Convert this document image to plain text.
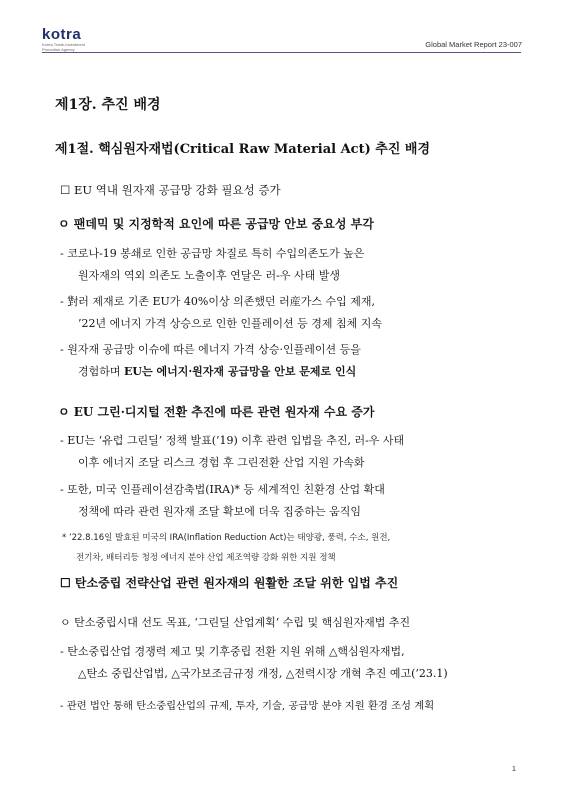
kotra
Korea Trade-Investment
Promotion Agency
Global Market Report 23-007
제1장. 추진 배경
제1절. 핵심원자재법(Critical Raw Material Act) 추진 배경
☐ EU 역내 원자재 공급망 강화 필요성 증가
ㅇ 팬데믹 및 지정학적 요인에 따른 공급망 안보 중요성 부각
- 코로나-19 봉쇄로 인한 공급망 차질로 특히 수입의존도가 높은
원자재의 역외 의존도 노출이후 연달은 러-우 사태 발생
- 對러 제재로 기존 EU가 40%이상 의존했던 러産가스 수입 제재,
’22년 에너지 가격 상승으로 인한 인플레이션 등 경제 침체 지속
- 원자재 공급망 이슈에 따른 에너지 가격 상승·인플레이션 등을
경험하며 EU는 에너지·원자재 공급망을 안보 문제로 인식
ㅇ EU 그린·디지털 전환 추진에 따른 관련 원자재 수요 증가
- EU는 ‘유럽 그린딜’ 정책 발표(’19) 이후 관련 입법을 추진, 러-우 사태
이후 에너지 조달 리스크 경험 후 그린전환 산업 지원 가속화
- 또한, 미국 인플레이션감축법(IRA)* 등 세계적인 친환경 산업 확대
정책에 따라 관련 원자재 조달 확보에 더욱 집중하는 움직임
* ’22.8.16일 발효된 미국의 IRA(Inflation Reduction Act)는 태양광, 풍력, 수소, 원전,
전기차, 배터리등 청정 에너지 분야 산업 제조역량 강화 위한 지원 정책
☐ 탄소중립 전략산업 관련 원자재의 원활한 조달 위한 입법 추진
ㅇ 탄소중립시대 선도 목표, ‘그린딜 산업계획’ 수립 및 핵심원자재법 추진
- 탄소중립산업 경쟁력 제고 및 기후중립 전환 지원 위해 △핵심원자재법,
△탄소 중립산업법, △국가보조금규정 개정, △전력시장 개혁 추진 예고(’23.1)
- 관련 법안 통해 탄소중립산업의 규제, 투자, 기술, 공급망 분야 지원 환경 조성 계획
1
